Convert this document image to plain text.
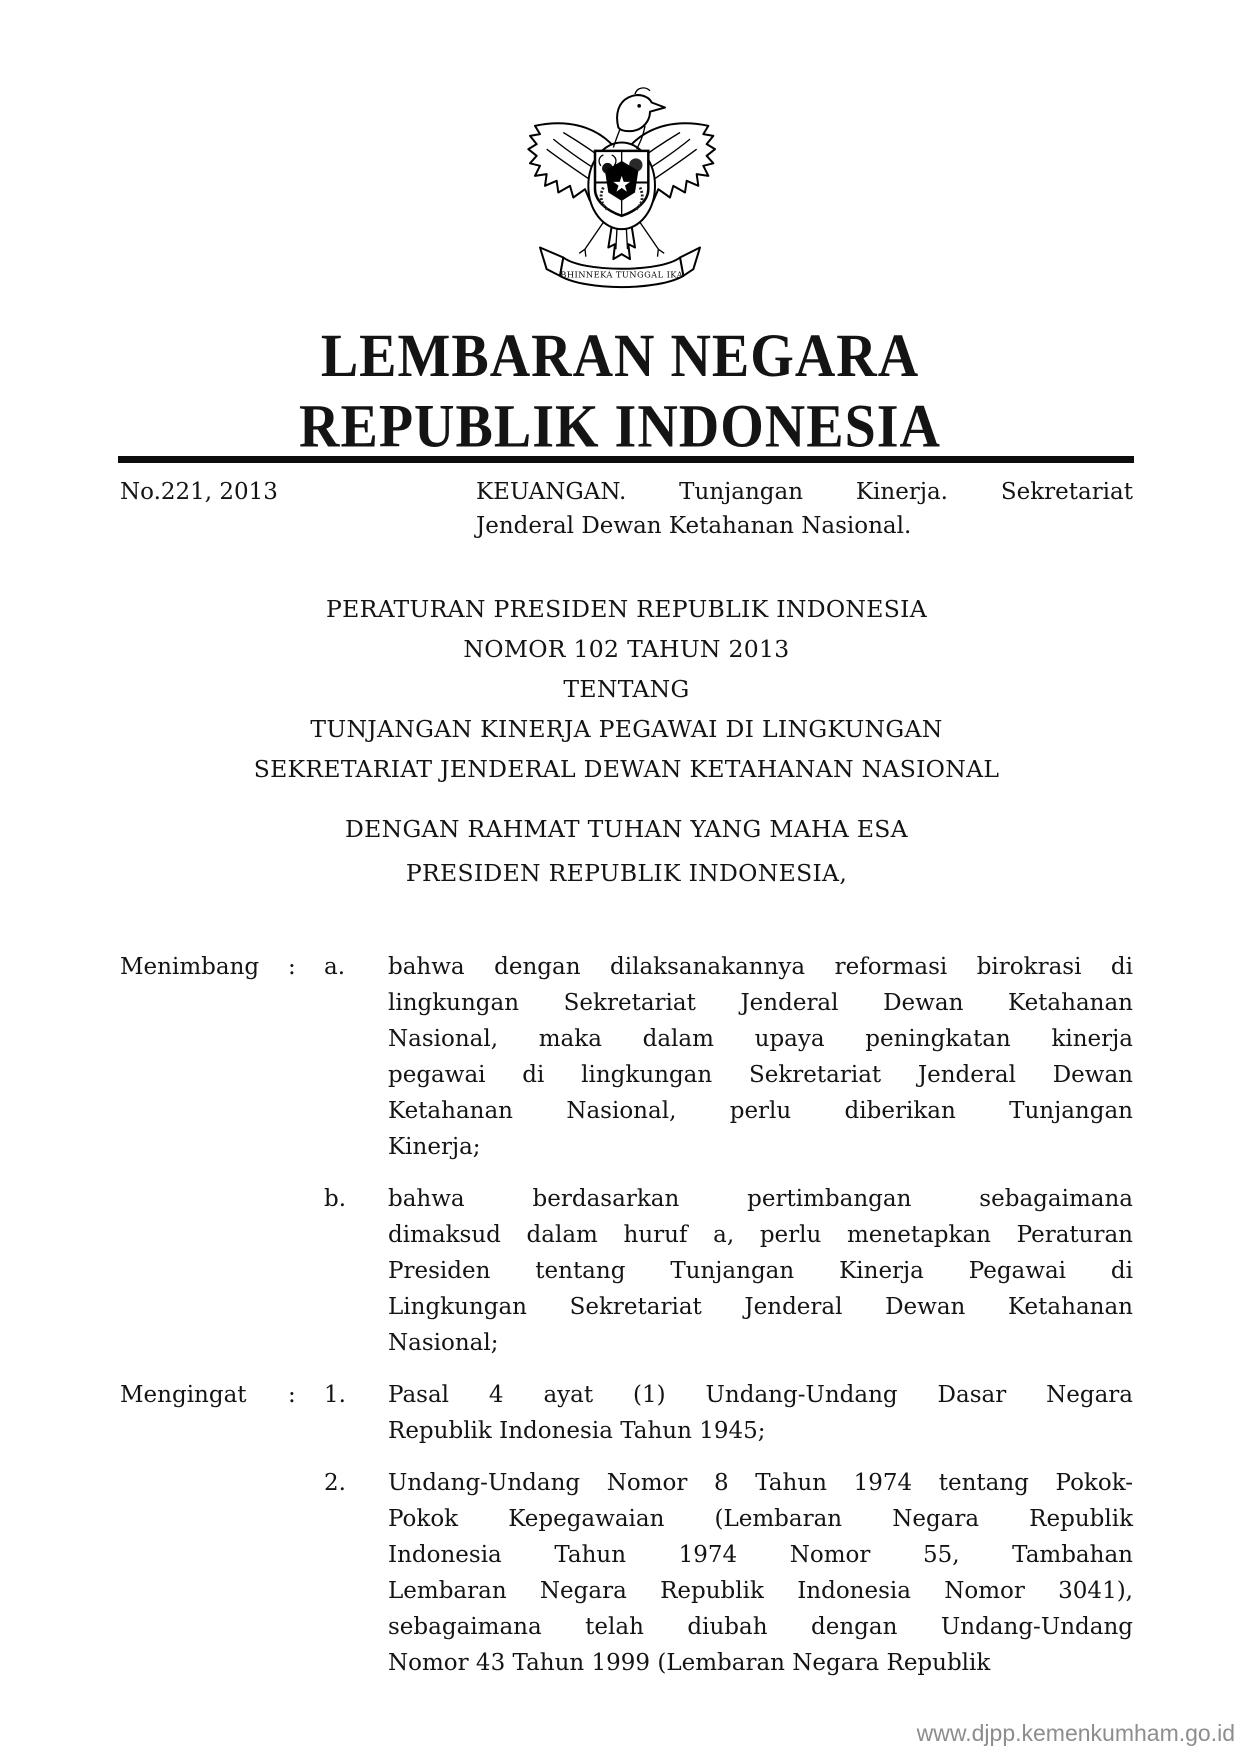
★
BHINNEKA TUNGGAL IKA
LEMBARAN NEGARA
REPUBLIK INDONESIA
No.221, 2013	KEUANGAN. Tunjangan Kinerja. Sekretariat
Jenderal Dewan Ketahanan Nasional.
PERATURAN PRESIDEN REPUBLIK INDONESIA
NOMOR 102 TAHUN 2013
TENTANG
TUNJANGAN KINERJA PEGAWAI DI LINGKUNGAN
SEKRETARIAT JENDERAL DEWAN KETAHANAN NASIONAL
DENGAN RAHMAT TUHAN YANG MAHA ESA
PRESIDEN REPUBLIK INDONESIA,
Menimbang	:	a.	bahwa dengan dilaksanakannya reformasi birokrasi di
lingkungan Sekretariat Jenderal Dewan Ketahanan
Nasional, maka dalam upaya peningkatan kinerja
pegawai di lingkungan Sekretariat Jenderal Dewan
Ketahanan Nasional, perlu diberikan Tunjangan
Kinerja;
b.	bahwa berdasarkan pertimbangan sebagaimana
dimaksud dalam huruf a, perlu menetapkan Peraturan
Presiden tentang Tunjangan Kinerja Pegawai di
Lingkungan Sekretariat Jenderal Dewan Ketahanan
Nasional;
Mengingat	:	1.	Pasal 4 ayat (1) Undang-Undang Dasar Negara
Republik Indonesia Tahun 1945;
2.	Undang-Undang Nomor 8 Tahun 1974 tentang Pokok-
Pokok Kepegawaian (Lembaran Negara Republik
Indonesia Tahun 1974 Nomor 55, Tambahan
Lembaran Negara Republik Indonesia Nomor 3041),
sebagaimana telah diubah dengan Undang-Undang
Nomor 43 Tahun 1999 (Lembaran Negara Republik
www.djpp.kemenkumham.go.id
